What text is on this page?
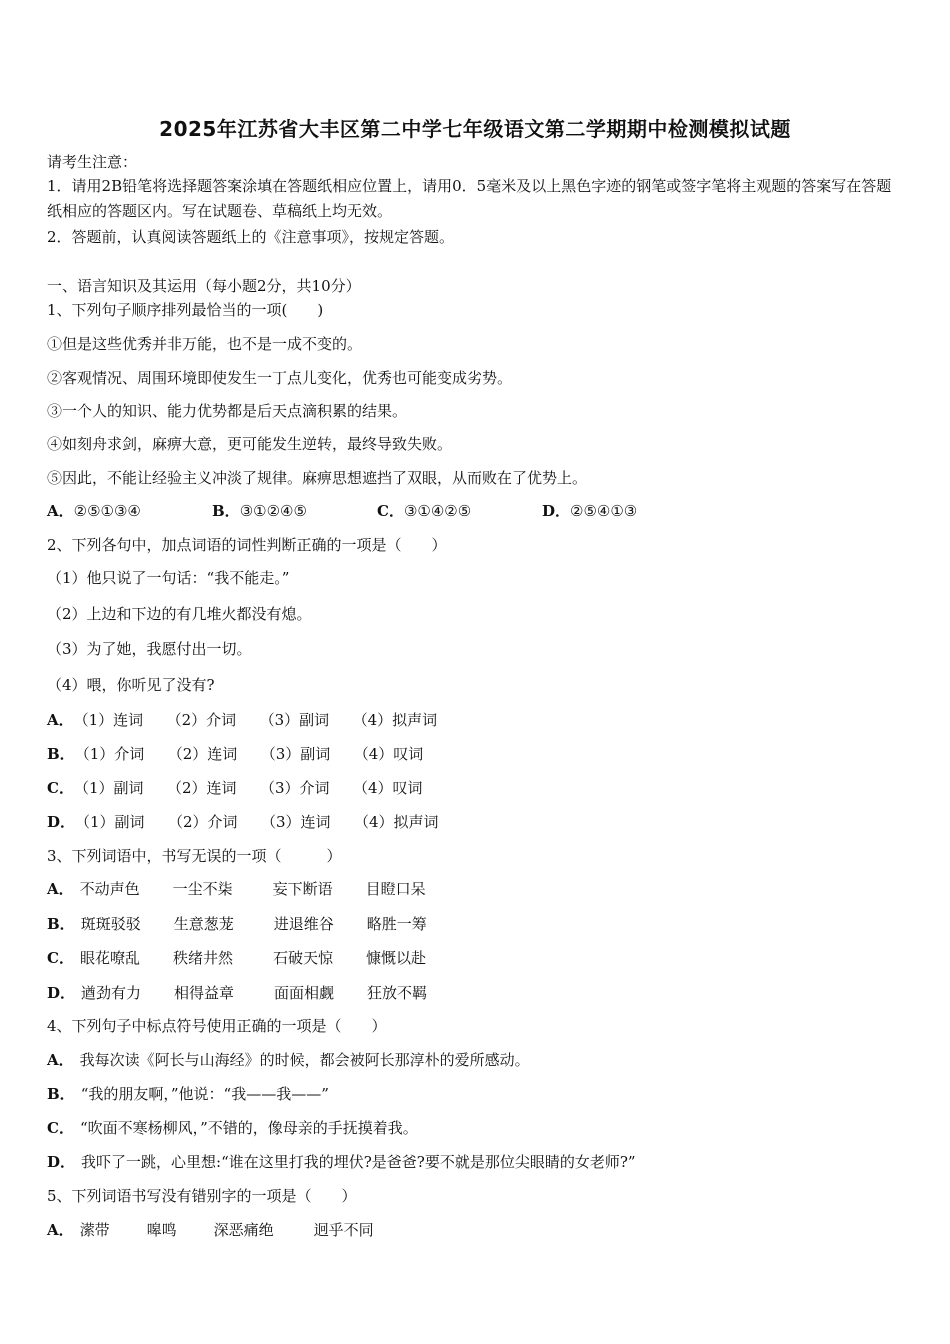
2025年江苏省大丰区第二中学七年级语文第二学期期中检测模拟试题
请考生注意：
1．请用2B铅笔将选择题答案涂填在答题纸相应位置上，请用0．5毫米及以上黑色字迹的钢笔或签字笔将主观题的答案写在答题纸相应的答题区内。写在试题卷、草稿纸上均无效。
2．答题前，认真阅读答题纸上的《注意事项》，按规定答题。
一、语言知识及其运用（每小题2分，共10分）
1、下列句子顺序排列最恰当的一项(　　)
①但是这些优秀并非万能，也不是一成不变的。
②客观情况、周围环境即使发生一丁点儿变化，优秀也可能变成劣势。
③一个人的知识、能力优势都是后天点滴积累的结果。
④如刻舟求剑，麻痹大意，更可能发生逆转，最终导致失败。
⑤因此，不能让经验主义冲淡了规律。麻痹思想遮挡了双眼，从而败在了优势上。
A．②⑤①③④	B．③①②④⑤	C．③①④②⑤	D．②⑤④①③
2、下列各句中，加点词语的词性判断正确的一项是（　　）
（1）他只说了一句话：“我不能走。”
（2）上边和下边的有几堆火都没有熄。
（3）为了她，我愿付出一切。
（4）喂，你听见了没有?
A．（1）连词 （2）介词 （3）副词 （4）拟声词
B．（1）介词 （2）连词 （3）副词 （4）叹词
C．（1）副词 （2）连词 （3）介词 （4）叹词
D．（1）副词 （2）介词 （3）连词 （4）拟声词
3、下列词语中，书写无误的一项（　　　）
A． 不动声色 一尘不柒	妄下断语 目瞪口呆
B． 斑斑驳驳 生意葱茏	进退维谷 略胜一筹
C． 眼花嘹乱 秩绪井然	石破天惊 慷慨以赴
D． 遒劲有力 相得益章	面面相觑 狂放不羁
4、下列句子中标点符号使用正确的一项是（　　）
A． 我每次读《阿长与山海经》的时候，都会被阿长那淳朴的爱所感动。
B． “我的朋友啊，”他说：“我——我——”
C． “吹面不寒杨柳风，”不错的，像母亲的手抚摸着我。
D． 我吓了一跳，心里想:“谁在这里打我的埋伏?是爸爸?要不就是那位尖眼睛的女老师?”
5、下列词语书写没有错别字的一项是（　　）
A． 潆带 嗥鸣 深恶痛绝	迥乎不同
